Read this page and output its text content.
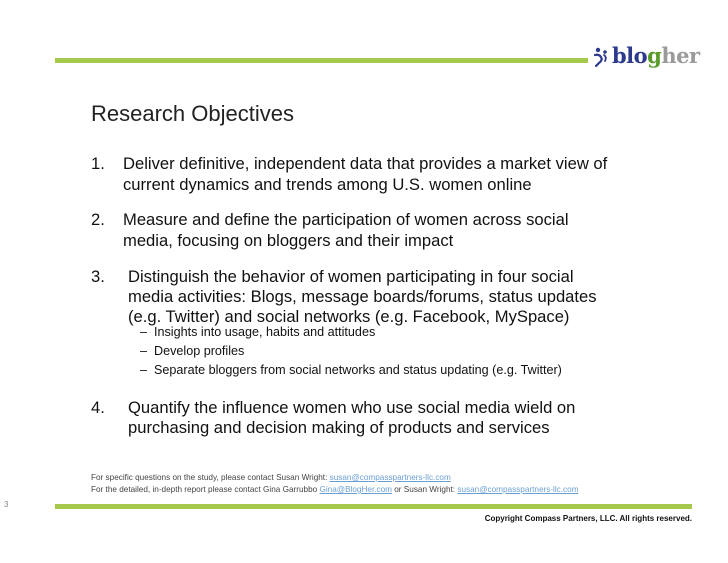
blogher
Research Objectives
1. Deliver definitive, independent data that provides a market view of
current dynamics and trends among U.S. women online
2. Measure and define the participation of women across social
media, focusing on bloggers and their impact
3. Distinguish the behavior of women participating in four social
media activities: Blogs, message boards/forums, status updates
(e.g. Twitter) and social networks (e.g. Facebook, MySpace)
– Insights into usage, habits and attitudes
– Develop profiles
– Separate bloggers from social networks and status updating (e.g. Twitter)
4. Quantify the influence women who use social media wield on
purchasing and decision making of products and services
For specific questions on the study, please contact Susan Wright: susan@compasspartners-llc.com
For the detailed, in-depth report please contact Gina Garrubbo Gina@BlogHer.com or Susan Wright: susan@compasspartners-llc.com
3
Copyright Compass Partners, LLC. All rights reserved.
